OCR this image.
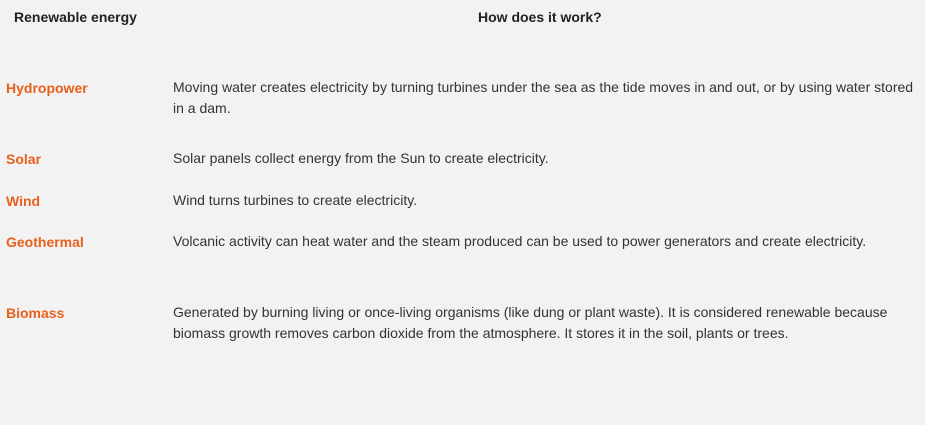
Renewable energy	How does it work?
Hydropower	Moving water creates electricity by turning turbines under the sea as the tide moves in and out, or by using water stored in a dam.
Solar	Solar panels collect energy from the Sun to create electricity.
Wind	Wind turns turbines to create electricity.
Geothermal	Volcanic activity can heat water and the steam produced can be used to power generators and create electricity.
Biomass	Generated by burning living or once-living organisms (like dung or plant waste). It is considered renewable because biomass growth removes carbon dioxide from the atmosphere. It stores it in the soil, plants or trees.
